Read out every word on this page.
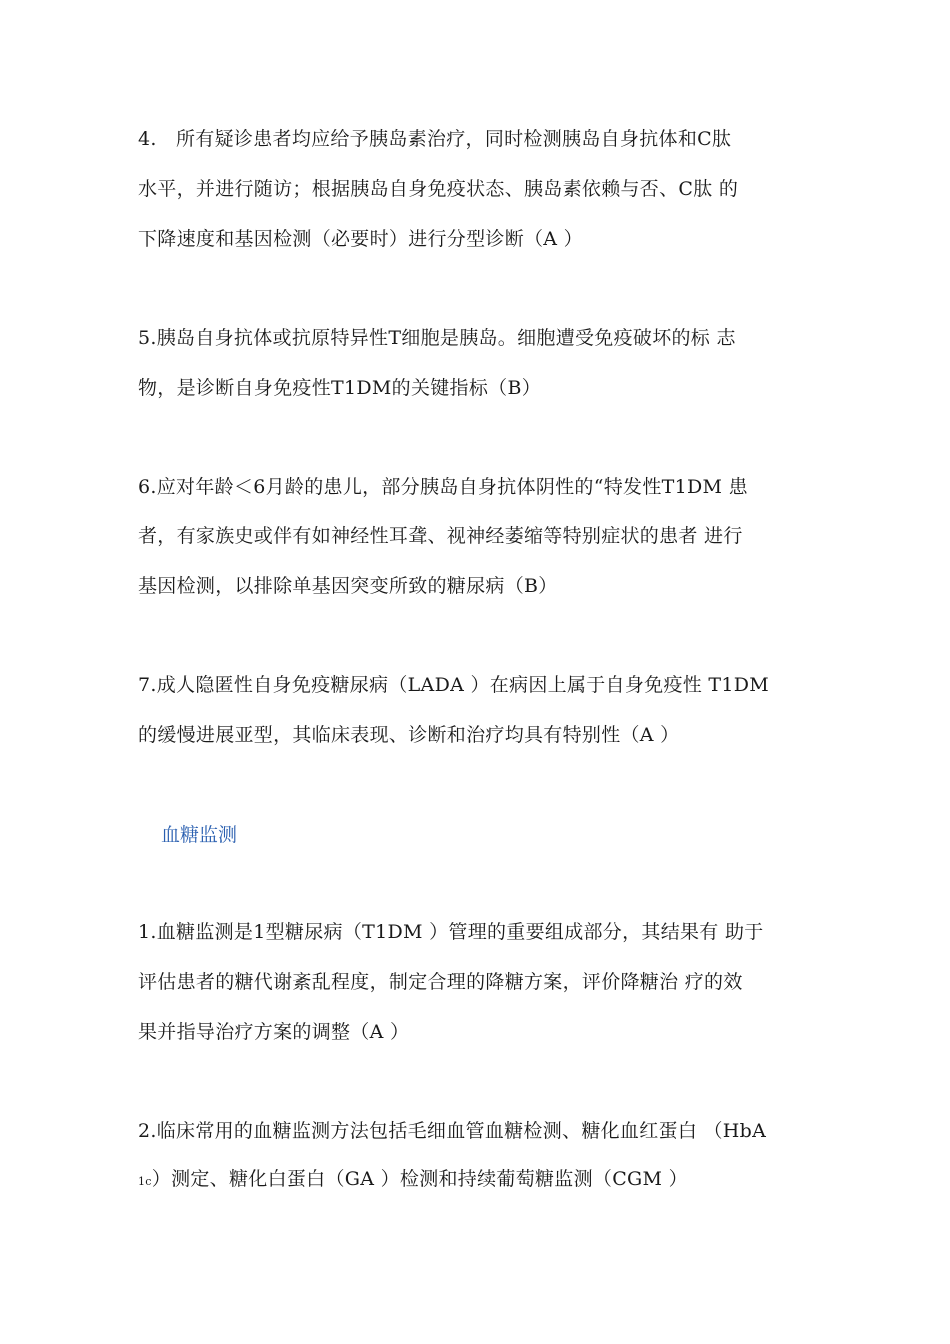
4.　所有疑诊患者均应给予胰岛素治疗，同时检测胰岛自身抗体和C肽
水平，并进行随访；根据胰岛自身免疫状态、胰岛素依赖与否、C肽 的
下降速度和基因检测（必要时）进行分型诊断（A ）
5.胰岛自身抗体或抗原特异性T细胞是胰岛。细胞遭受免疫破坏的标 志
物，是诊断自身免疫性T1DM的关键指标（B）
6.应对年龄＜6月龄的患儿，部分胰岛自身抗体阴性的“特发性T1DM 患
者，有家族史或伴有如神经性耳聋、视神经萎缩等特别症状的患者 进行
基因检测，以排除单基因突变所致的糖尿病（B）
7.成人隐匿性自身免疫糖尿病（LADA ）在病因上属于自身免疫性 T1DM
的缓慢进展亚型，其临床表现、诊断和治疗均具有特别性（A ）
血糖监测
1.血糖监测是1型糖尿病（T1DM ）管理的重要组成部分，其结果有 助于
评估患者的糖代谢紊乱程度，制定合理的降糖方案，评价降糖治 疗的效
果并指导治疗方案的调整（A ）
2.临床常用的血糖监测方法包括毛细血管血糖检测、糖化血红蛋白 （HbA
1c）测定、糖化白蛋白（GA ）检测和持续葡萄糖监测（CGM ）
